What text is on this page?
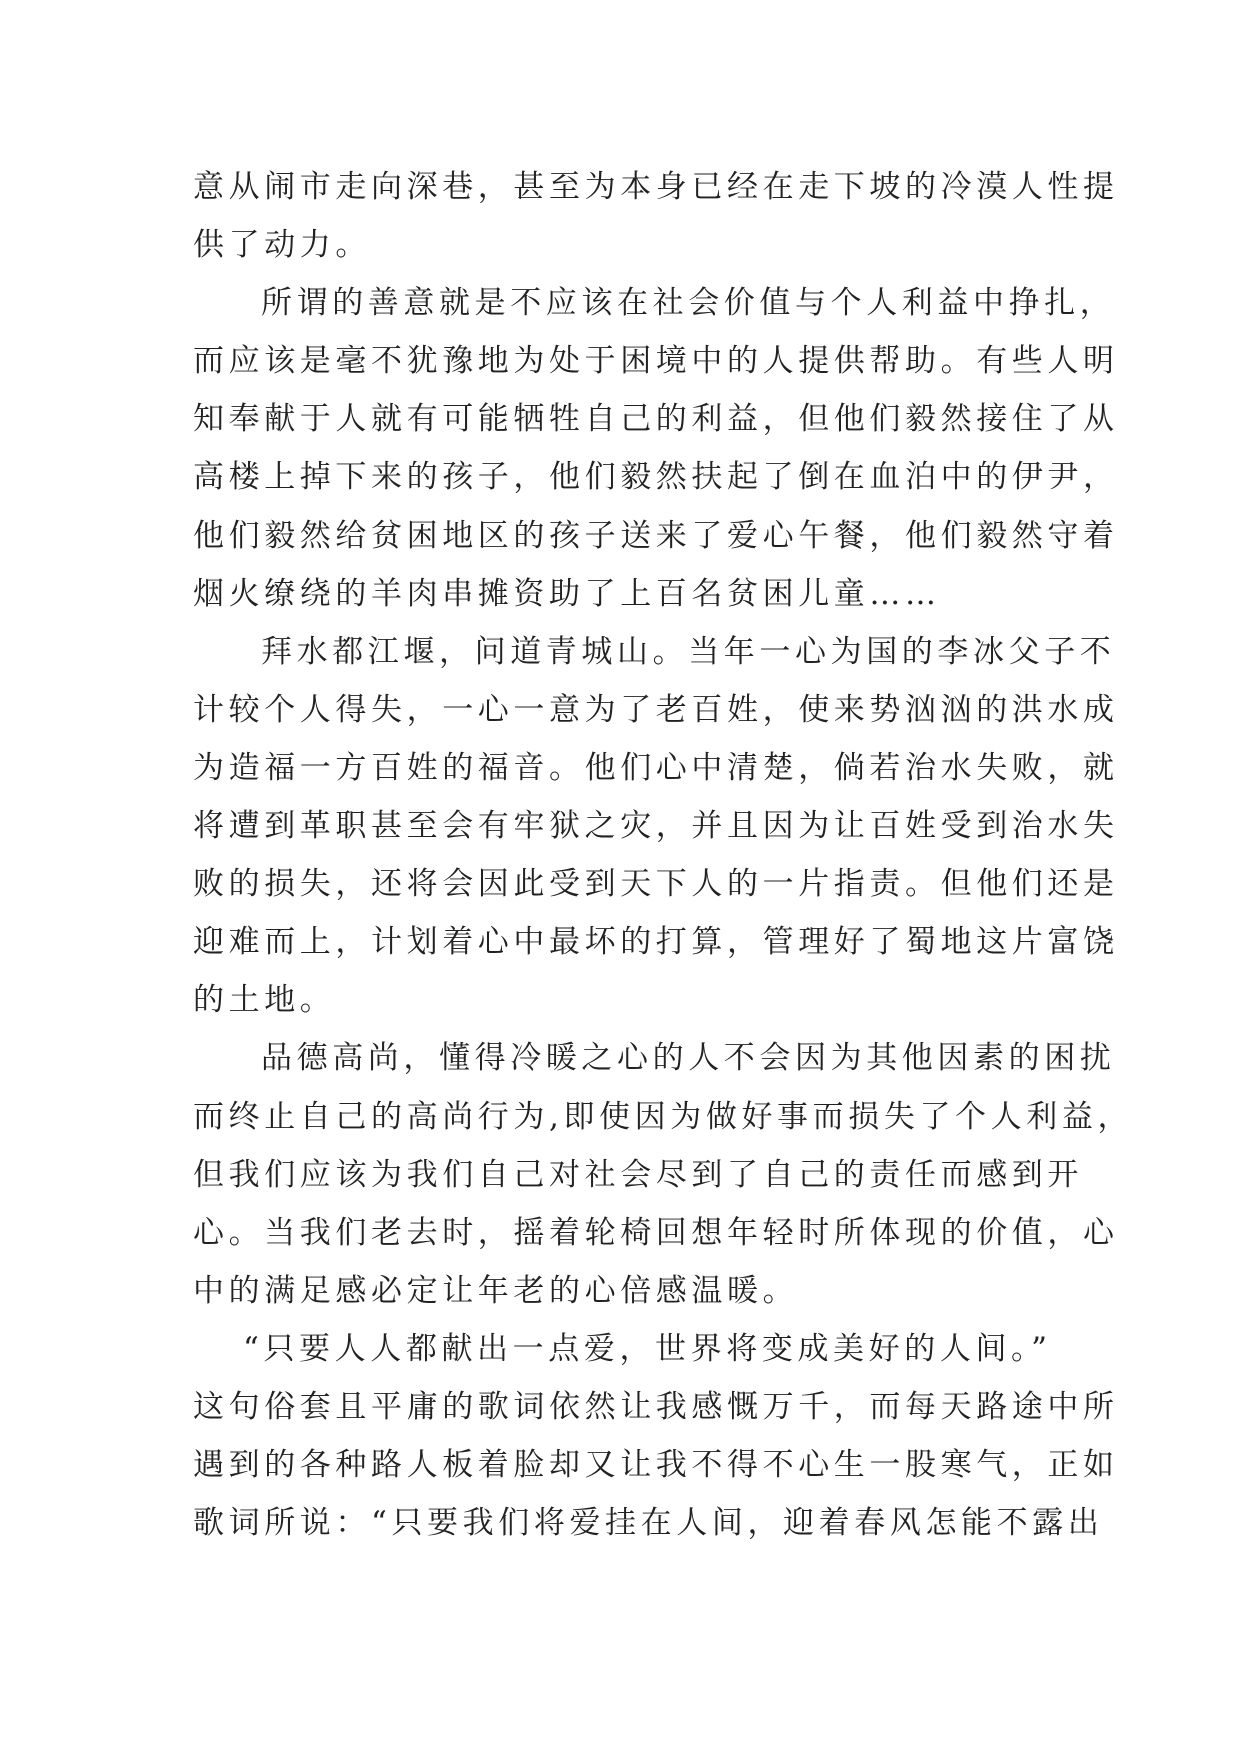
意从闹市走向深巷，甚至为本身已经在走下坡的冷漠人性提
供了动力。
所谓的善意就是不应该在社会价值与个人利益中挣扎，
而应该是毫不犹豫地为处于困境中的人提供帮助。有些人明
知奉献于人就有可能牺牲自己的利益，但他们毅然接住了从
高楼上掉下来的孩子，他们毅然扶起了倒在血泊中的伊尹，
他们毅然给贫困地区的孩子送来了爱心午餐，他们毅然守着
烟火缭绕的羊肉串摊资助了上百名贫困儿童……
拜水都江堰，问道青城山。当年一心为国的李冰父子不
计较个人得失，一心一意为了老百姓，使来势汹汹的洪水成
为造福一方百姓的福音。他们心中清楚，倘若治水失败，就
将遭到革职甚至会有牢狱之灾，并且因为让百姓受到治水失
败的损失，还将会因此受到天下人的一片指责。但他们还是
迎难而上，计划着心中最坏的打算，管理好了蜀地这片富饶
的土地。
品德高尚，懂得冷暖之心的人不会因为其他因素的困扰
而终止自己的高尚行为,即使因为做好事而损失了个人利益，
但我们应该为我们自己对社会尽到了自己的责任而感到开
心。当我们老去时，摇着轮椅回想年轻时所体现的价值，心
中的满足感必定让年老的心倍感温暖。
“只要人人都献出一点爱，世界将变成美好的人间。”
这句俗套且平庸的歌词依然让我感慨万千，而每天路途中所
遇到的各种路人板着脸却又让我不得不心生一股寒气，正如
歌词所说：“只要我们将爱挂在人间，迎着春风怎能不露出
